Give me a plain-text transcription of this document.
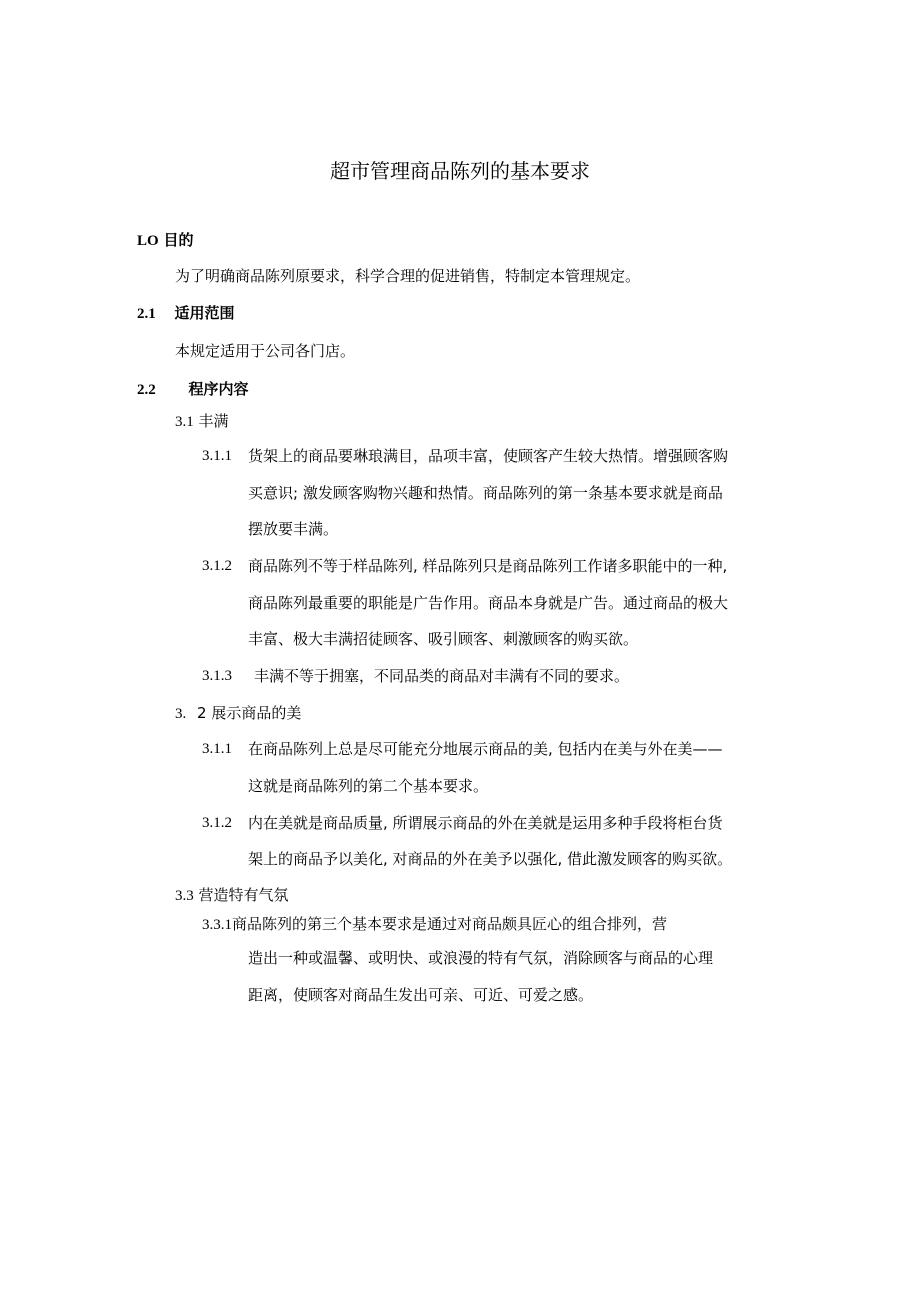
超市管理商品陈列的基本要求
LO 目的
为了明确商品陈列原要求，科学合理的促进销售，特制定本管理规定。
2.1 适用范围
本规定适用于公司各门店。
2.2 程序内容
3.1 丰满
3.1.1 货架上的商品要琳琅满目，品项丰富，使顾客产生较大热情。增强顾客购
买意识; 激发顾客购物兴趣和热情。商品陈列的第一条基本要求就是商品
摆放要丰满。
3.1.2 商品陈列不等于样品陈列, 样品陈列只是商品陈列工作诸多职能中的一种,
商品陈列最重要的职能是广告作用。商品本身就是广告。通过商品的极大
丰富、极大丰满招徒顾客、吸引顾客、刺激顾客的购买欲。
3.1.3 丰满不等于拥塞，不同品类的商品对丰满有不同的要求。
3. 2 展示商品的美
3.1.1 在商品陈列上总是尽可能充分地展示商品的美, 包括内在美与外在美——
这就是商品陈列的第二个基本要求。
3.1.2 内在美就是商品质量, 所谓展示商品的外在美就是运用多种手段将柜台货
架上的商品予以美化, 对商品的外在美予以强化, 借此激发顾客的购买欲。
3.3 营造特有气氛
3.3.1商品陈列的第三个基本要求是通过对商品颇具匠心的组合排列，营
造出一种或温馨、或明快、或浪漫的特有气氛，消除顾客与商品的心理
距离，使顾客对商品生发出可亲、可近、可爱之感。
